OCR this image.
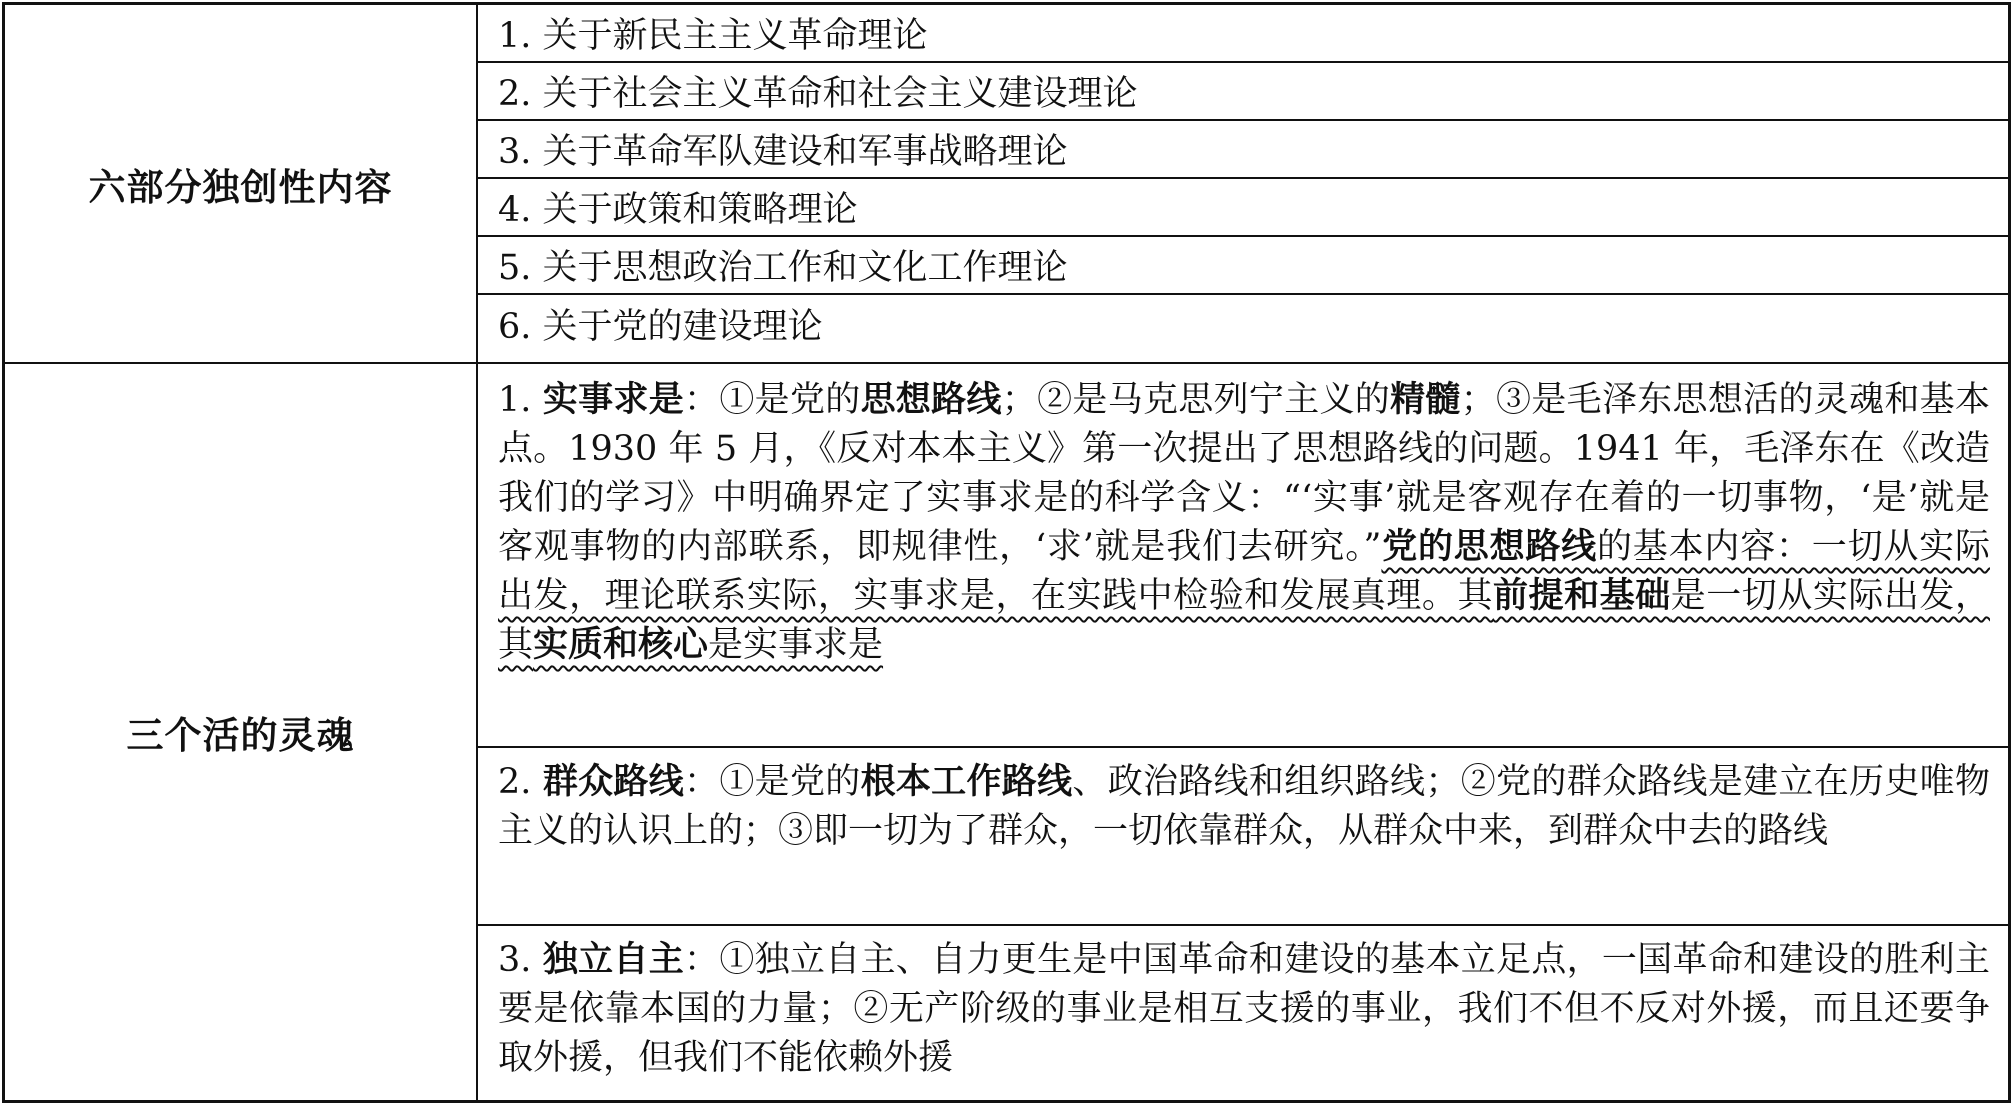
六部分独创性内容
1. 关于新民主主义革命理论
2. 关于社会主义革命和社会主义建设理论
3. 关于革命军队建设和军事战略理论
4. 关于政策和策略理论
5. 关于思想政治工作和文化工作理论
6. 关于党的建设理论
三个活的灵魂
1. 实事求是：①是党的思想路线；②是马克思列宁主义的精髓；③是毛泽东思想活的灵魂和基本点。1930 年 5 月，《反对本本主义》第一次提出了思想路线的问题。1941 年，毛泽东在《改造我们的学习》中明确界定了实事求是的科学含义：“‘实事’就是客观存在着的一切事物，‘是’就是客观事物的内部联系，即规律性，‘求’就是我们去研究。”党的思想路线的基本内容：一切从实际出发，理论联系实际，实事求是，在实践中检验和发展真理。其前提和基础是一切从实际出发，其实质和核心是实事求是
2. 群众路线：①是党的根本工作路线、政治路线和组织路线；②党的群众路线是建立在历史唯物主义的认识上的；③即一切为了群众，一切依靠群众，从群众中来，到群众中去的路线
3. 独立自主：①独立自主、自力更生是中国革命和建设的基本立足点，一国革命和建设的胜利主要是依靠本国的力量；②无产阶级的事业是相互支援的事业，我们不但不反对外援，而且还要争取外援，但我们不能依赖外援
